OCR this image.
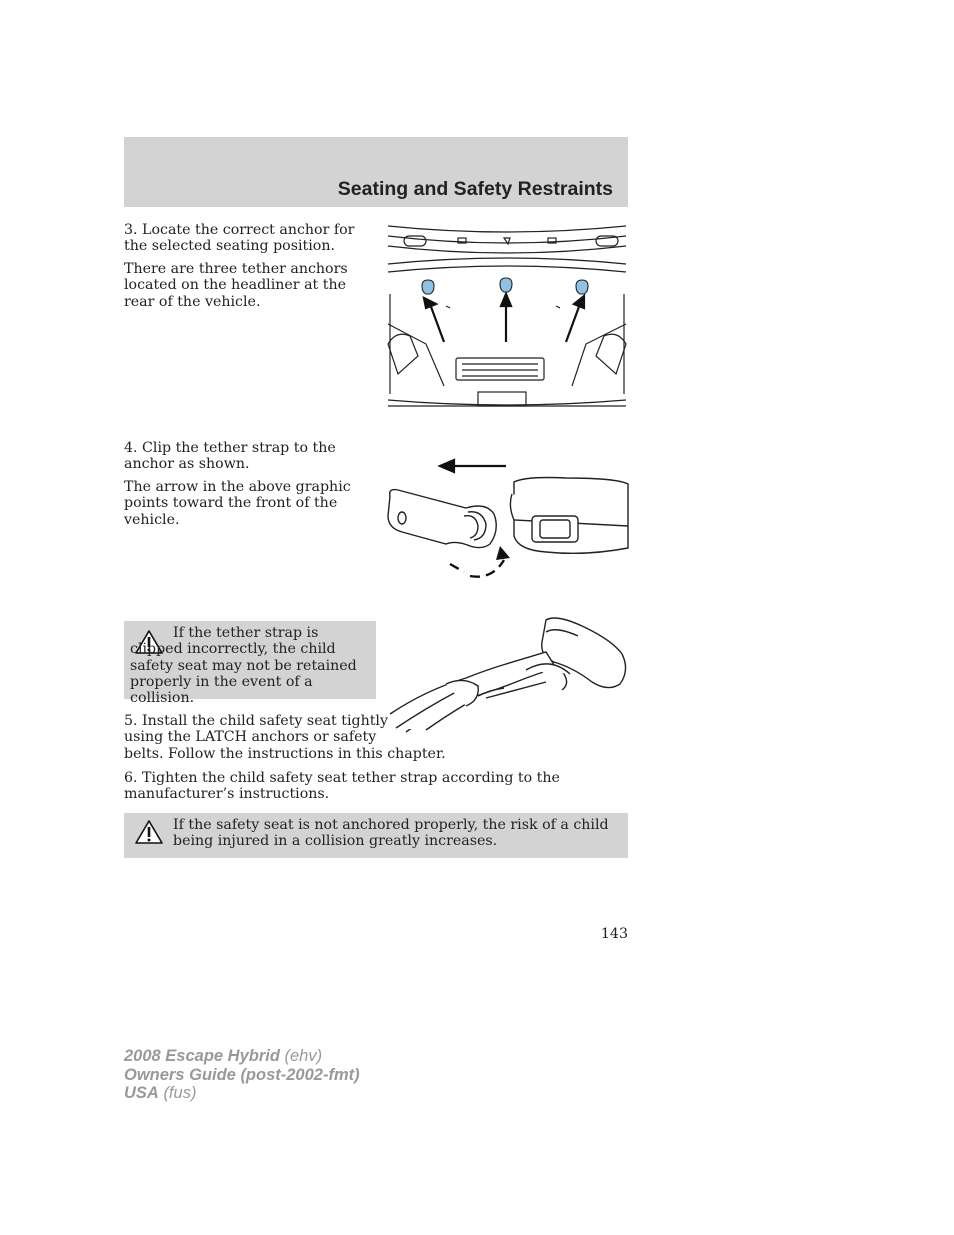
Seating and Safety Restraints

3. Locate the correct anchor for the selected seating position.

There are three tether anchors located on the headliner at the rear of the vehicle.

4. Clip the tether strap to the anchor as shown.

The arrow in the above graphic points toward the front of the vehicle.

If the tether strap is clipped incorrectly, the child safety seat may not be retained properly in the event of a collision.

5. Install the child safety seat tightly

using the LATCH anchors or safety

belts. Follow the instructions in this chapter.

6. Tighten the child safety seat tether strap according to the manufacturer’s instructions.

If the safety seat is not anchored properly, the risk of a child being injured in a collision greatly increases.
143
2008 Escape Hybrid (ehv)
Owners Guide (post-2002-fmt)
USA (fus)
